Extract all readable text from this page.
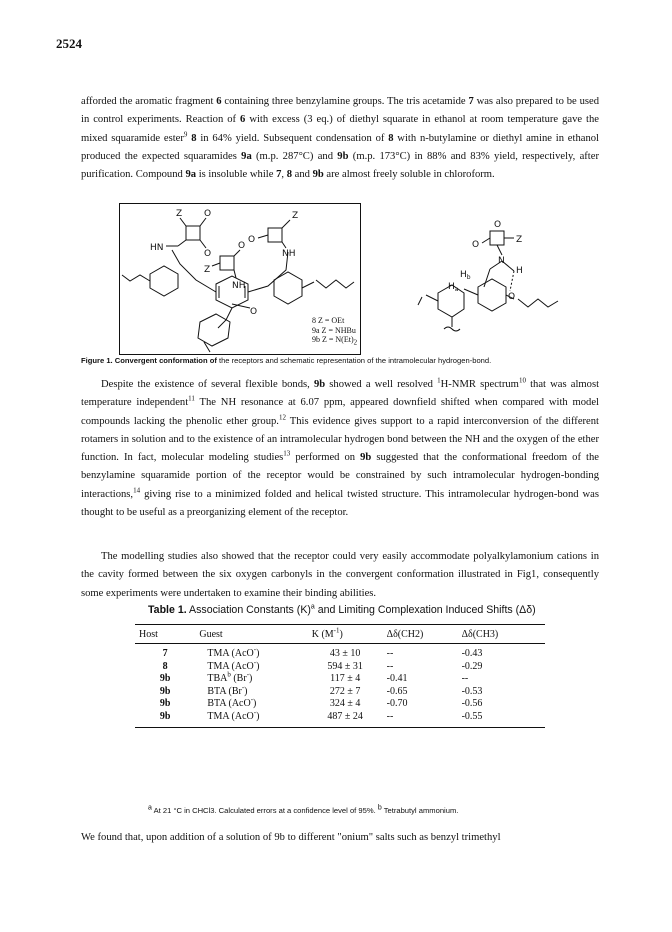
2524

afforded the aromatic fragment 6 containing three benzylamine groups. The tris acetamide 7 was also prepared to be used in control experiments. Reaction of 6 with excess (3 eq.) of diethyl squarate in ethanol at room temperature gave the mixed squaramide ester$^9$ 8 in 64% yield. Subsequent condensation of 8 with n-butylamine or diethyl amine in ethanol produced the expected squaramides 9a (m.p. 287°C) and 9b (m.p. 173°C) in 88% and 83% yield, respectively, after purification. Compound 9a is insoluble while 7, 8 and 9b are almost freely soluble in chloroform.

Z O
HN
O
Z
O
NH
Z
O
NH
O
8 Z = OEt
9a Z = NHBu
9b $Z = N(Et)_2$
O
Z
O
N
H
$H_b$
$H_a$
O
Figure 1. Convergent conformation of the receptors and schematic representation of the intramolecular hydrogen-bond.

Despite the existence of several flexible bonds, 9b showed a well resolved $^1$H-NMR spectrum$^{10}$ that was almost temperature independent$^{11}$ The NH resonance at 6.07 ppm, appeared downfield shifted when compared with model compounds lacking the phenolic ether group.$^{12}$ This evidence gives support to a rapid interconversion of the different rotamers in solution and to the existence of an intramolecular hydrogen bond between the NH and the oxygen of the ether function. In fact, molecular modeling studies$^{13}$ performed on 9b suggested that the conformational freedom of the benzylamine squaramide portion of the receptor would be constrained by such intramolecular hydrogen-bonding interactions,$^{14}$ giving rise to a minimized folded and helical twisted structure. This intramolecular hydrogen-bond was thought to be useful as a preorganizing element of the receptor.

The modelling studies also showed that the receptor could very easily accommodate polyalkylamonium cations in the cavity formed between the six oxygen carbonyls in the convergent conformation illustrated in Fig1, consequently some experiments were undertaken to examine their binding abilities.

Table 1. Association Constants $(K)^a$ and Limiting Complexation Induced Shifts (Δδ)
Host	Guest	K $(M^{-1})$	Δδ(CH2)	Δδ(CH3)
7	TMA (AcO-)	43 ± 10	--	-0.43
8	TMA (AcO-)	594 ± 31	--	-0.29
9b	TBA$^b$ (Br-)	117 ± 4	-0.41	--
9b	BTA (Br-)	272 ± 7	-0.65	-0.53
9b	BTA (AcO-)	324 ± 4	-0.70	-0.56
9b	TMA (AcO-)	487 ± 24	--	-0.55
$^a$ At 21 °C in CHCl3. Calculated errors at a confidence level of 95%. $^b$ Tetrabutyl ammonium.

We found that, upon addition of a solution of 9b to different "onium" salts such as benzyl trimethyl
